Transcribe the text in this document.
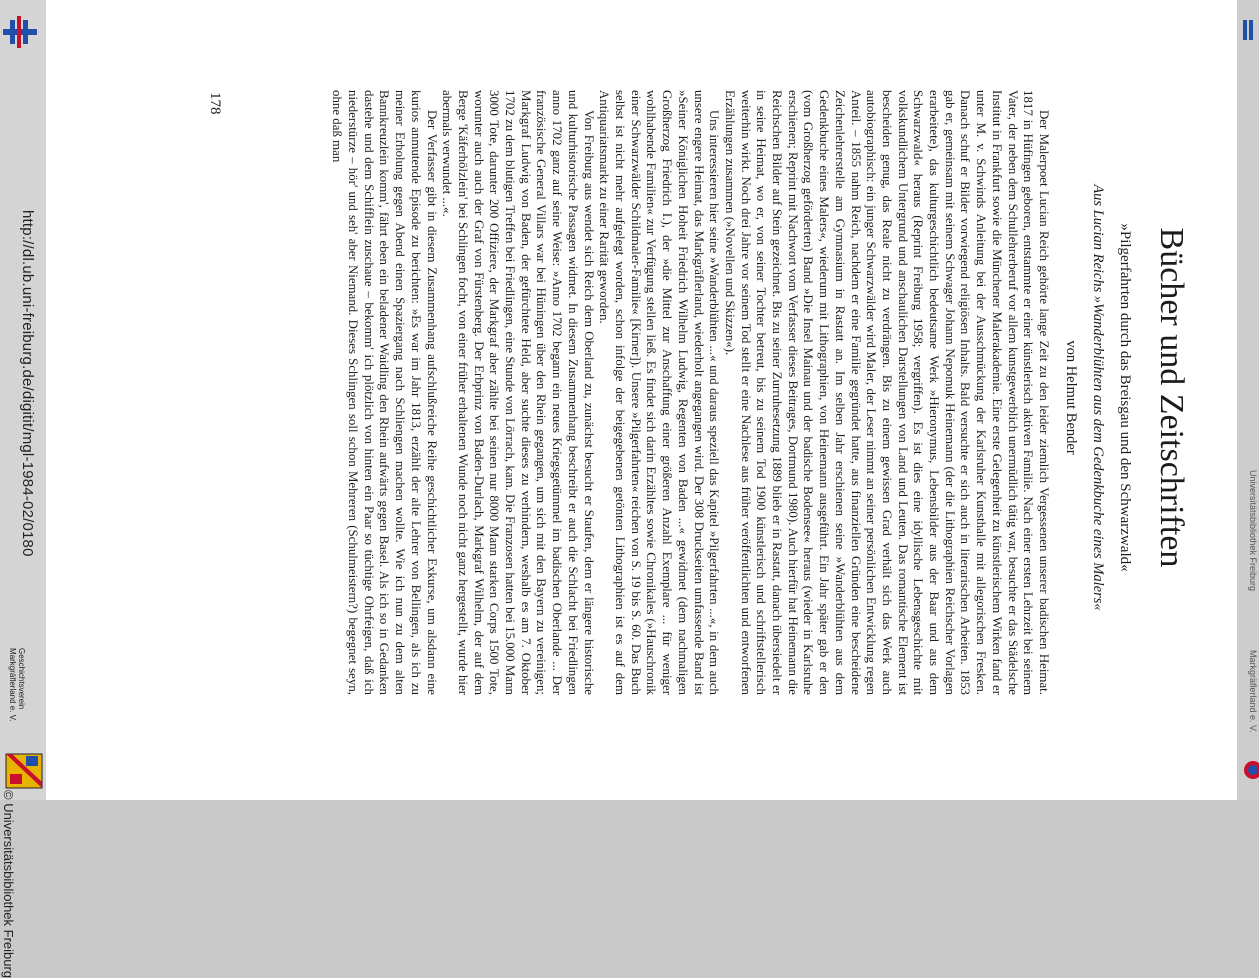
http://dl.ub.uni-freiburg.de/digitit/mgl-1984-02/0180
© Universitätsbibliothek Freiburg
Geschichtsverein
Markgräflerland e. V.
Bücher und Zeitschriften
»Pilgerfahrten durch das Breisgau und den Schwarzwald«
Aus Lucian Reichs »Wanderblühten aus dem Gedenkbuche eines Malers«
von Helmut Bender

Der Malerpoet Lucian Reich gehörte lange Zeit zu den leider ziemlich Vergessenen unserer badischen Heimat. 1817 in Hüfingen geboren, entstammte er einer künstlerisch aktiven Familie. Nach einer ersten Lehrzeit bei seinem Vater, der neben dem Schullehrerberuf vor allem kunstgewerblich unermüdlich tätig war, besuchte er das Städelsche Institut in Frankfurt sowie die Münchener Malerakademie. Eine erste Gelegenheit zu künstlerischem Wirken fand er unter M. v. Schwinds Anleitung bei der Ausschmückung der Karlsruher Kunsthalle mit allegorischen Fresken. Danach schuf er Bilder vorwiegend religiösen Inhalts. Bald versuchte er sich auch in literarischen Arbeiten. 1853 gab er, gemeinsam mit seinem Schwager Johann Nepomuk Heinemann (der die Lithographien Reichscher Vorlagen erarbeitete), das kulturgeschichtlich bedeutsame Werk »Hieronymus, Lebensbilder aus der Baar und aus dem Schwarzwald« heraus (Reprint Freiburg 1958; vergriffen). Es ist dies eine idyllische Lebensgeschichte mit volkskundlichem Untergrund und anschaulichen Darstellungen von Land und Leuten. Das romantische Element ist bescheiden genug, das Reale nicht zu verdrängen. Bis zu einem gewissen Grad verhält sich das Werk auch autobiographisch: ein junger Schwarzwälder wird Maler, der Leser nimmt an seiner persönlichen Entwicklung regen Anteil. – 1855 nahm Reich, nachdem er eine Familie gegründet hatte, aus finanziellen Gründen eine bescheidene Zeichenlehrerstelle am Gymnasium in Rastatt an. Im selben Jahr erschienen seine »Wanderblühten aus dem Gedenkbuche eines Malers«, wiederum mit Lithographien, von Heinemann ausgeführt. Ein Jahr später gab er den (vom Großherzog geförderten) Band »Die Insel Mainau und der badische Bodensee« heraus (wieder in Karlsruhe erschienen; Reprint mit Nachwort vom Verfasser dieses Beitrages, Dortmund 1980). Auch hierfür hat Heinemann die Reichschen Bilder auf Stein gezeichnet. Bis zu seiner Zurruhesetzung 1889 blieb er in Rastatt, danach übersiedelt er in seine Heimat, wo er, von seiner Tochter betreut, bis zu seinem Tod 1900 künstlerisch und schriftstellerisch weiterhin wirkt. Noch drei Jahre vor seinem Tod stellt er eine Nachlese aus früher veröffentlichten und entworfenen Erzählungen zusammen (»Novellen und Skizzen«).

Uns interessieren hier seine »Wanderblühten ...« und daraus speziell das Kapitel »Pilgerfahrten ...«, in dem auch unsere engere Heimat, das Markgräflerland, wiederholt angegangen wird. Der 308 Druckseiten umfassende Band ist »Seiner Königlichen Hoheit Friedrich Wilhelm Ludwig, Regenten von Baden ...« gewidmet (dem nachmaligen Großherzog Friedrich I.), der »die Mittel zur Anschaffung einer größeren Anzahl Exemplare ... für weniger wohlhabende Familien« zur Verfügung stellen ließ. Es findet sich darin Erzähltes sowie Chronikales (»Hauschronik einer Schwarzwälder Schildmaler-Familie« [Kirner]). Unsere »Pilgerfahrten« reichen von S. 19 bis S. 60. Das Buch selbst ist nicht mehr aufgelegt worden, schon infolge der beigegebenen getönten Lithographien ist es auf dem Antiquariatsmarkt zu einer Rarität geworden.

Von Freiburg aus wendet sich Reich dem Oberland zu, zunächst besucht er Staufen, dem er längere historische und kulturhistorische Passagen widmet. In diesem Zusammenhang beschreibt er auch die Schlacht bei Friedlingen anno 1702 ganz auf seine Weise: »Anno 1702 begann ein neues Kriegsgetümmel im badischen Oberlande ... Der französische General Villars war bei Hüningen über den Rhein gegangen, um sich mit den Bayern zu vereinigen; Markgraf Ludwig von Baden, der gefürchtete Held, aber suchte dieses zu verhindern, weshalb es am 7. Oktober 1702 zu dem blutigen Treffen bei Friedlingen, eine Stunde von Lörrach, kam. Die Franzosen hatten bei 15.000 Mann 3000 Tote, darunter 200 Offiziere, der Markgraf aber zählte bei seinen nur 8000 Mann starken Corps 1500 Tote, worunter auch auch der Graf von Fürstenberg. Der Erbprinz von Baden-Durlach, Markgraf Wilhelm, der auf dem Berge 'Käferhölzlein' bei Schlingen focht, von einer früher erhaltenen Wunde noch nicht ganz hergestellt, wurde hier abermals verwundet ...«.

Der Verfasser gibt in diesem Zusammenhang aufschlußreiche Reihe geschichtlicher Exkurse, um alsdann eine kurios anmutende Episode zu berichten: »Es war im Jahr 1813, erzählt der alte Lehrer von Bellingen, als ich zu meiner Erholung gegen Abend einen Spaziergang nach Schliengen machen wollte. Wie ich nun zu dem alten Bannkreuzlein komm', fährt eben ein beladener Waidling den Rhein aufwärts gegen Basel. Als ich so in Gedanken dastehe und dem Schifflein zuschaue – bekomm' ich plötzlich von hinten ein Paar so tüchtige Ohrfeigen, daß ich niederstürze – hör' und seh' aber Niemand. Dieses Schlingen soll schon Mehreren (Schulmeistern?) begegnet seyn, ohne daß man

178
Universitätsbibliothek Freiburg
Markgräflerland e. V.
